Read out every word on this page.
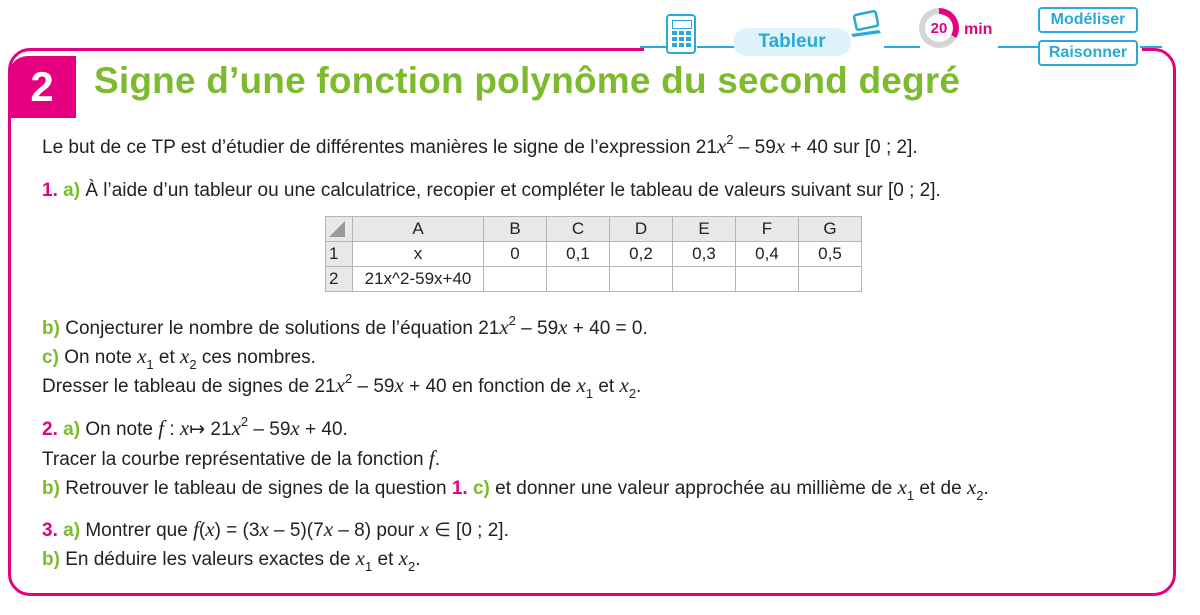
Tableur
20	min
Modéliser
Raisonner
2	Signe d’une fonction polynôme du second degré
Le but de ce TP est d’étudier de différentes manières le signe de l’expression $21x^2 - 59x + 40$ sur [0 ; 2].
1. a) À l’aide d’un tableur ou une calculatrice, recopier et compléter le tableau de valeurs suivant sur [0 ; 2].
	A	B	C	D	E	F	G
1	x	0	0,1	0,2	0,3	0,4	0,5
2	21x^2-59x+40						
b) Conjecturer le nombre de solutions de l’équation $21x^2 - 59x + 40 = 0$.
c) On note $x_1$ et $x_2$ ces nombres.
Dresser le tableau de signes de $21x^2 - 59x + 40$ en fonction de $x_1$ et $x_2$.
2. a) On note f : x↦ $21x^2 - 59x + 40$.
Tracer la courbe représentative de la fonction f.
b) Retrouver le tableau de signes de la question 1. c) et donner une valeur approchée au millième de $x_1$ et de $x_2$.
3. a) Montrer que f(x) = (3x – 5)(7x – 8) pour x ∈ [0 ; 2].
b) En déduire les valeurs exactes de $x_1$ et $x_2$.
